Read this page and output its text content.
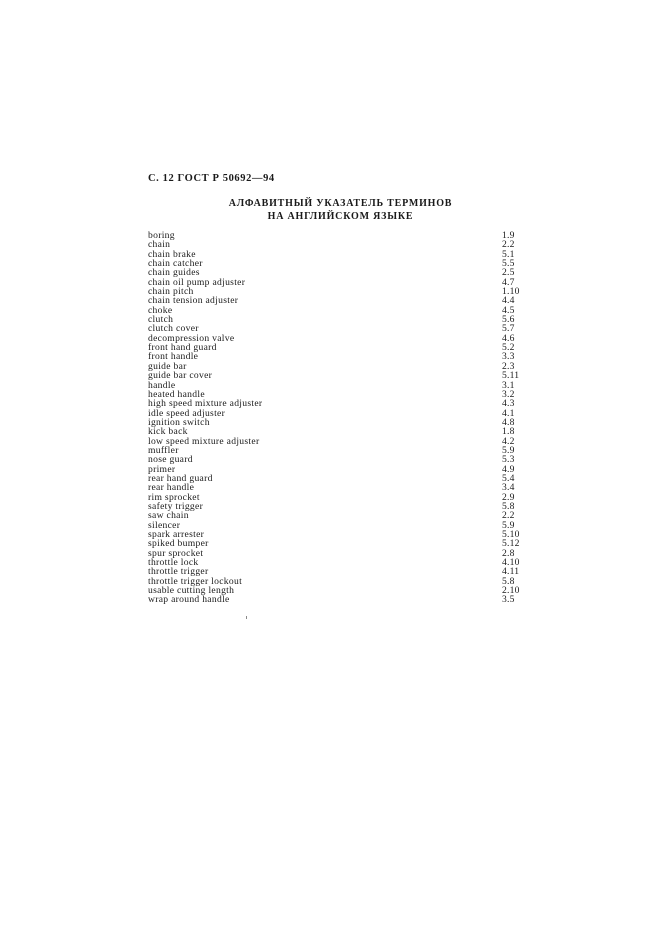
С. 12 ГОСТ Р 50692—94
АЛФАВИТНЫЙ УКАЗАТЕЛЬ ТЕРМИНОВ
НА АНГЛИЙСКОМ ЯЗЫКЕ
boring	1.9
chain	2.2
chain brake	5.1
chain catcher	5.5
chain guides	2.5
chain oil pump adjuster	4.7
chain pitch	1.10
chain tension adjuster	4.4
choke	4.5
clutch	5.6
clutch cover	5.7
decompression valve	4.6
front hand guard	5.2
front handle	3.3
guide bar	2.3
guide bar cover	5.11
handle	3.1
heated handle	3.2
high speed mixture adjuster	4.3
idle speed adjuster	4.1
ignition switch	4.8
kick back	1.8
low speed mixture adjuster	4.2
muffler	5.9
nose guard	5.3
primer	4.9
rear hand guard	5.4
rear handle	3.4
rim sprocket	2.9
safety trigger	5.8
saw chain	2.2
silencer	5.9
spark arrester	5.10
spiked bumper	5.12
spur sprocket	2.8
throttle lock	4.10
throttle trigger	4.11
throttle trigger lockout	5.8
usable cutting length	2.10
wrap around handle	3.5
